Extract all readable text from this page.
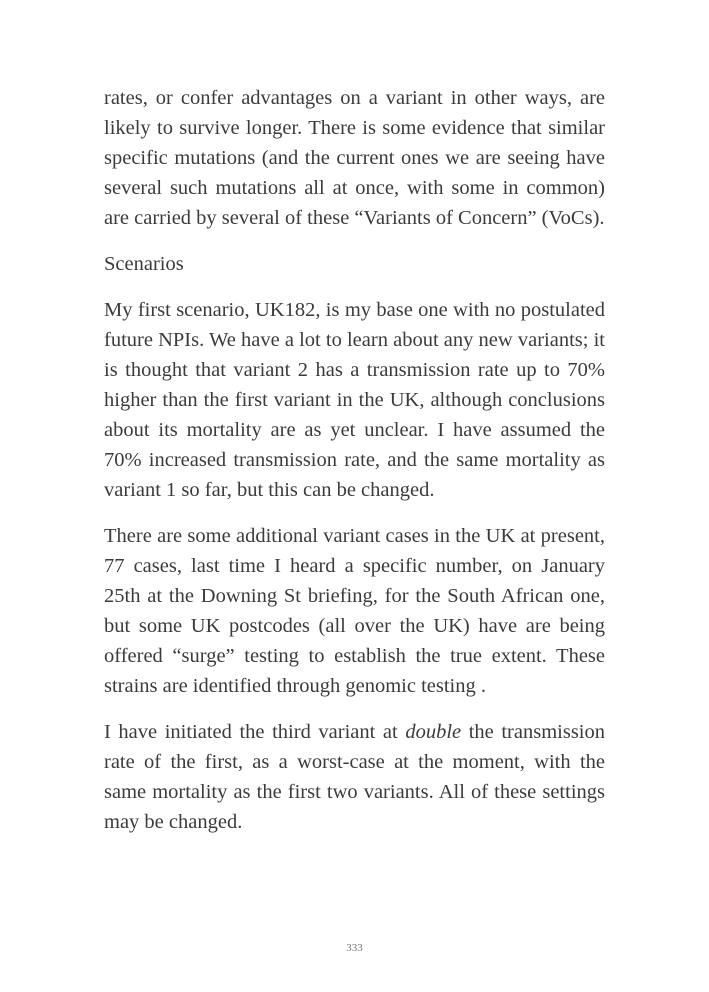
rates, or confer advantages on a variant in other ways, are likely to survive longer. There is some evidence that similar specific mutations (and the current ones we are seeing have several such mutations all at once, with some in common) are carried by several of these “Variants of Concern” (VoCs).

Scenarios

My first scenario, UK182, is my base one with no postulated future NPIs. We have a lot to learn about any new variants; it is thought that variant 2 has a transmission rate up to 70% higher than the first variant in the UK, although conclusions about its mortality are as yet unclear. I have assumed the 70% increased transmission rate, and the same mortality as variant 1 so far, but this can be changed.

There are some additional variant cases in the UK at present, 77 cases, last time I heard a specific number, on January 25th at the Downing St briefing, for the South African one, but some UK postcodes (all over the UK) have are being offered “surge” testing to establish the true extent. These strains are identified through genomic testing .

I have initiated the third variant at double the transmission rate of the first, as a worst-case at the moment, with the same mortality as the first two variants. All of these settings may be changed.

333
